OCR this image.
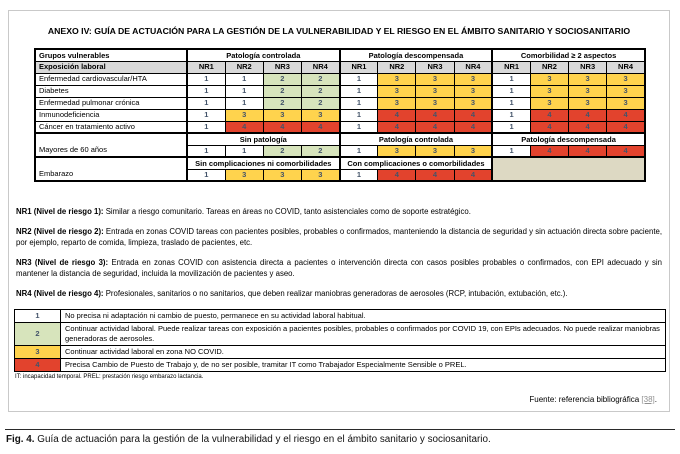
ANEXO IV: GUÍA DE ACTUACIÓN PARA LA GESTIÓN DE LA VULNERABILIDAD Y EL RIESGO EN EL ÁMBITO SANITARIO Y SOCIOSANITARIO
Grupos vulnerables	Patología controlada				Patología descompensada				Comorbilidad ≥ 2 aspectos			
Exposición laboral	NR1	NR2	NR3	NR4	NR1	NR2	NR3	NR4	NR1	NR2	NR3	NR4
Enfermedad cardiovascular/HTA	1	1	2	2	1	3	3	3	1	3	3	3
Diabetes	1	1	2	2	1	3	3	3	1	3	3	3
Enfermedad pulmonar crónica	1	1	2	2	1	3	3	3	1	3	3	3
Inmunodeficiencia	1	3	3	3	1	4	4	4	1	4	4	4
Cáncer en tratamiento activo	1	4	4	4	1	4	4	4	1	4	4	4
Mayores de 60 años	Sin patología				Patología controlada				Patología descompensada			
	1	1	2	2	1	3	3	3	1	4	4	4
Embarazo	Sin complicaciones ni comorbilidades				Con complicaciones o comorbilidades							
	1	3	3	3	1	4	4	4				

NR1 (Nivel de riesgo 1): Similar a riesgo comunitario. Tareas en áreas no COVID, tanto asistenciales como de soporte estratégico.

NR2 (Nivel de riesgo 2): Entrada en zonas COVID tareas con pacientes posibles, probables o confirmados, manteniendo la distancia de seguridad y sin actuación directa sobre paciente, por ejemplo, reparto de comida, limpieza, traslado de pacientes, etc.

NR3 (Nivel de riesgo 3): Entrada en zonas COVID con asistencia directa a pacientes o intervención directa con casos posibles probables o confirmados, con EPI adecuado y sin mantener la distancia de seguridad, incluida la movilización de pacientes y aseo.

NR4 (Nivel de riesgo 4): Profesionales, sanitarios o no sanitarios, que deben realizar maniobras generadoras de aerosoles (RCP, intubación, extubación, etc.).

1	No precisa ni adaptación ni cambio de puesto, permanece en su actividad laboral habitual.
2	Continuar actividad laboral. Puede realizar tareas con exposición a pacientes posibles, probables o confirmados por COVID 19, con EPIs adecuados. No puede realizar maniobras generadoras de aerosoles.
3	Continuar actividad laboral en zona NO COVID.
4	Precisa Cambio de Puesto de Trabajo y, de no ser posible, tramitar IT como Trabajador Especialmente Sensible o PREL.
IT: incapacidad temporal. PREL: prestación riesgo embarazo lactancia.
Fuente: referencia bibliográfica [38].
Fig. 4. Guía de actuación para la gestión de la vulnerabilidad y el riesgo en el ámbito sanitario y sociosanitario.
